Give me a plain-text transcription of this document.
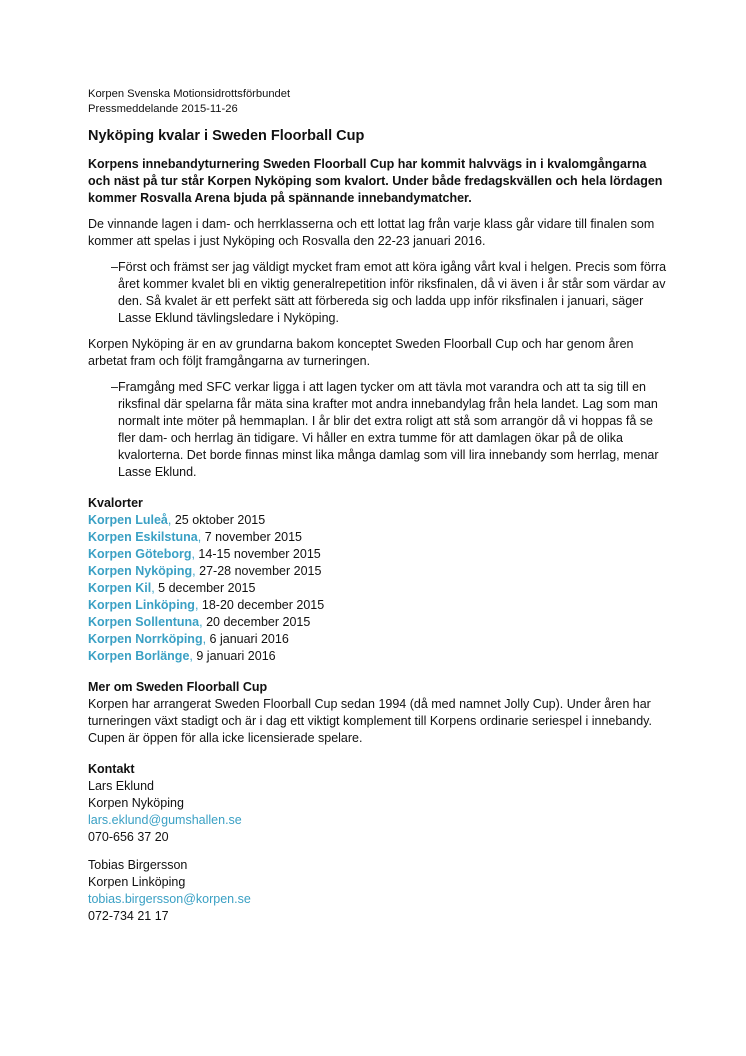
Korpen Svenska Motionsidrottsförbundet

Pressmeddelande 2015-11-26

Nyköping kvalar i Sweden Floorball Cup

Korpens innebandyturnering Sweden Floorball Cup har kommit halvvägs in i kvalomgångarna och näst på tur står Korpen Nyköping som kvalort. Under både fredagskvällen och hela lördagen kommer Rosvalla Arena bjuda på spännande innebandymatcher.

De vinnande lagen i dam- och herrklasserna och ett lottat lag från varje klass går vidare till finalen som kommer att spelas i just Nyköping och Rosvalla den 22-23 januari 2016.

– Först och främst ser jag väldigt mycket fram emot att köra igång vårt kval i helgen. Precis som förra året kommer kvalet bli en viktig generalrepetition inför riksfinalen, då vi även i år står som värdar av den. Så kvalet är ett perfekt sätt att förbereda sig och ladda upp inför riksfinalen i januari, säger Lasse Eklund tävlingsledare i Nyköping.

Korpen Nyköping är en av grundarna bakom konceptet Sweden Floorball Cup och har genom åren arbetat fram och följt framgångarna av turneringen.

– Framgång med SFC verkar ligga i att lagen tycker om att tävla mot varandra och att ta sig till en riksfinal där spelarna får mäta sina krafter mot andra innebandylag från hela landet. Lag som man normalt inte möter på hemmaplan. I år blir det extra roligt att stå som arrangör då vi hoppas få se fler dam- och herrlag än tidigare. Vi håller en extra tumme för att damlagen ökar på de olika kvalorterna. Det borde finnas minst lika många damlag som vill lira innebandy som herrlag, menar Lasse Eklund.

Kvalorter

Korpen Luleå, 25 oktober 2015
Korpen Eskilstuna, 7 november 2015
Korpen Göteborg, 14-15 november 2015
Korpen Nyköping, 27-28 november 2015
Korpen Kil, 5 december 2015
Korpen Linköping, 18-20 december 2015
Korpen Sollentuna, 20 december 2015
Korpen Norrköping, 6 januari 2016
Korpen Borlänge, 9 januari 2016

Mer om Sweden Floorball Cup

Korpen har arrangerat Sweden Floorball Cup sedan 1994 (då med namnet Jolly Cup). Under åren har turneringen växt stadigt och är i dag ett viktigt komplement till Korpens ordinarie seriespel i innebandy. Cupen är öppen för alla icke licensierade spelare.

Kontakt

Lars Eklund

Korpen Nyköping

lars.eklund@gumshallen.se

070-656 37 20

Tobias Birgersson

Korpen Linköping

tobias.birgersson@korpen.se

072-734 21 17
